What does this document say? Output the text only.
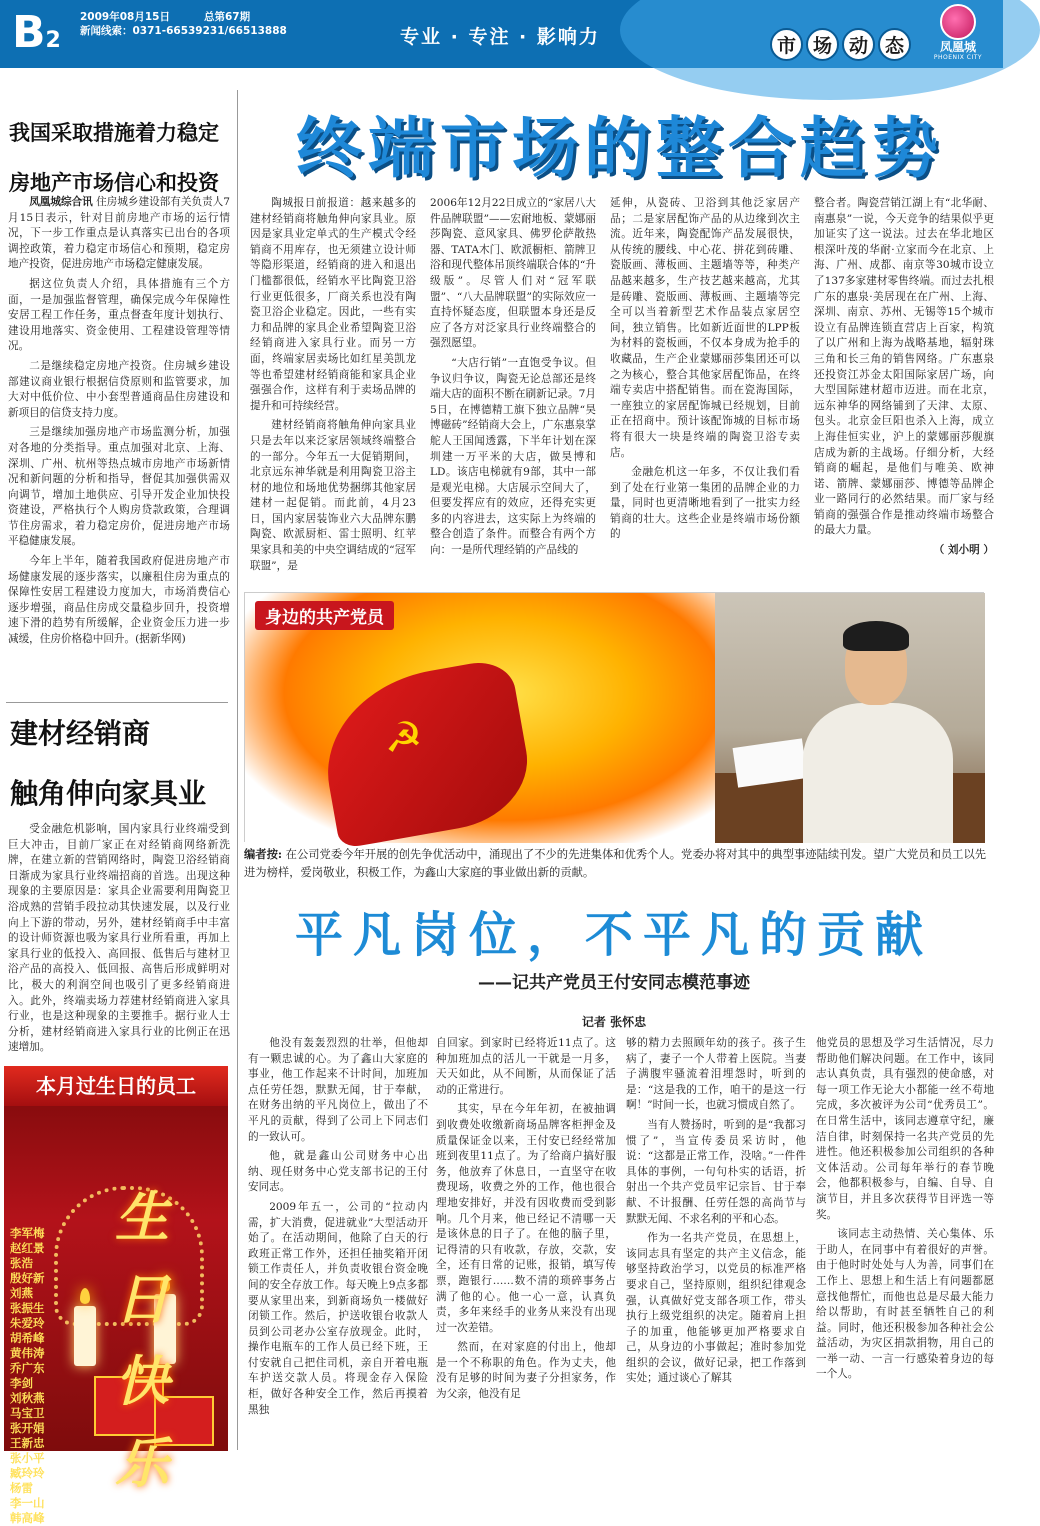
B2
2009年08月15日	总第67期
新闻线索：0371-66539231/66513888	专业 · 专注 · 影响力	市 场 动 态	凤凰城
PHOENIX CITY
我国采取措施着力稳定
房地产市场信心和投资

凤凰城综合讯 住房城乡建设部有关负责人7月15日表示，针对目前房地产市场的运行情况，下一步工作重点是认真落实已出台的各项调控政策，着力稳定市场信心和预期，稳定房地产投资，促进房地产市场稳定健康发展。

据这位负责人介绍，具体措施有三个方面，一是加强监督管理，确保完成今年保障性安居工程工作任务，重点督查年度计划执行、建设用地落实、资金使用、工程建设管理等情况。

二是继续稳定房地产投资。住房城乡建设部建议商业银行根据信贷原则和监管要求，加大对中低价位、中小套型普通商品住房建设和新项目的信贷支持力度。

三是继续加强房地产市场监测分析，加强对各地的分类指导。重点加强对北京、上海、深圳、广州、杭州等热点城市房地产市场新情况和新问题的分析和指导，督促其加强供需双向调节，增加土地供应、引导开发企业加快投资建设，严格执行个人购房贷款政策，合理调节住房需求，着力稳定房价，促进房地产市场平稳健康发展。

今年上半年，随着我国政府促进房地产市场健康发展的逐步落实，以廉租住房为重点的保障性安居工程建设力度加大，市场消费信心逐步增强，商品住房成交量稳步回升，投资增速下滑的趋势有所缓解，企业资金压力进一步减缓，住房价格稳中回升。(据新华网)

建材经销商
触角伸向家具业

受金融危机影响，国内家具行业终端受到巨大冲击，目前厂家正在对经销商网络新洗牌，在建立新的营销网络时，陶瓷卫浴经销商日渐成为家具行业终端招商的首选。出现这种现象的主要原因是：家具企业需要利用陶瓷卫浴成熟的营销手段拉动其快速发展，以及行业向上下游的带动，另外，建材经销商手中丰富的设计师资源也吸为家具行业所看重，再加上家具行业的低投入、高回报、低售后与建材卫浴产品的高投入、低回报、高售后形成鲜明对比，极大的利润空间也吸引了更多经销商进入。此外，终端卖场力荐建材经销商进入家具行业，也是这种现象的主要推手。据行业人士分析，建材经销商进入家具行业的比例正在迅速增加。

本月过生日的员工
生日快乐
李军梅
赵红景
张浩
殷好新
刘燕
张振生
朱爱玲
胡希峰
黄伟涛
乔广东
李剑
刘秋燕
马宝卫
张开娟
王新忠
张小平
臧玲玲
杨雷
李一山
韩高峰
终端市场的整合趋势

陶城报日前报道：越来越多的建材经销商将触角伸向家具业。原因是家具业定单式的生产模式令经销商不用库存，也无须建立设计师等隐形渠道，经销商的进入和退出门槛都很低，经销水平比陶瓷卫浴行业更低很多，厂商关系也没有陶瓷卫浴企业稳定。因此，一些有实力和品牌的家具企业希望陶瓷卫浴经销商进入家具行业。而另一方面，终端家居卖场比如红星美凯龙等也希望建材经销商能和家具企业强强合作，这样有利于卖场品牌的提升和可持续经营。

建材经销商将触角伸向家具业只是去年以来泛家居领域终端整合的一部分。今年五一大促销期间，北京远东神华就是利用陶瓷卫浴主材的地位和场地优势捆绑其他家居建材一起促销。而此前，4月23日，国内家居装饰业六大品牌东鹏陶瓷、欧派厨柜、雷士照明、红苹果家具和美的中央空调结成的“冠军联盟”，是

2006年12月22日成立的“家居八大件品牌联盟”——宏耐地板、蒙娜丽莎陶瓷、意风家具、佛罗伦萨散热器、TATA木门、欧派橱柜、箭牌卫浴和现代整体吊顶终端联合体的“升级版”。尽管人们对“冠军联盟”、“八大品牌联盟”的实际效应一直持怀疑态度，但联盟本身还是反应了各方对泛家具行业终端整合的强烈愿望。

“大店行销”一直饱受争议。但争议归争议，陶瓷无论总部还是终端大店的面积不断在刷新记录。7月5日，在博德精工旗下独立品牌“昊博磁砖”经销商大会上，广东惠泉掌舵人王国闻透露，下半年计划在深圳建一万平米的大店，做昊博和LD。该店电梯就有9部，其中一部是观光电梯。大店展示空间大了，但要发挥应有的效应，还得充实更多的内容进去，这实际上为终端的整合创造了条件。而整合有两个方向：一是所代理经销的产品线的

延伸，从瓷砖、卫浴到其他泛家居产品；二是家居配饰产品的从边缘到次主流。近年来，陶瓷配饰产品发展很快，从传统的腰线、中心花、拼花到砖雕、瓷版画、薄板画、主题墙等等，种类产品越来越多，生产技艺越来越高，尤其是砖雕、瓷版画、薄板画、主题墙等完全可以当着新型艺术作品装点家居空间，独立销售。比如新近面世的LPP板为材料的瓷板画，不仅本身成为抢手的收藏品，生产企业蒙娜丽莎集团还可以之为核心，整合其他家居配饰品，在终端专卖店中搭配销售。而在瓷海国际，一座独立的家居配饰城已经规划，目前正在招商中。预计该配饰城的目标市场将有很大一块是终端的陶瓷卫浴专卖店。

金融危机这一年多，不仅让我们看到了处在行业第一集团的品牌企业的力量，同时也更清晰地看到了一批实力经销商的壮大。这些企业是终端市场份额的

整合者。陶瓷营销江湖上有“北华耐、南惠泉”一说，今天竞争的结果似乎更加证实了这一说法。过去在华北地区根深叶茂的华耐·立家而今在北京、上海、广州、成都、南京等30城市设立了137多家建材零售终端。而过去扎根广东的惠泉·美居现在在广州、上海、深圳、南京、苏州、无锡等15个城市设立有品牌连锁直营店上百家，构筑了以广州和上海为战略基地，辐射珠三角和长三角的销售网络。广东惠泉还投资江苏金太阳国际家居广场，向大型国际建材超市迈进。而在北京，远东神华的网络铺到了天津、太原、包头。北京金巨阳也杀入上海，成立上海佳恒实业，沪上的蒙娜丽莎舰旗店成为新的主战场。仔细分析，大经销商的崛起，是他们与唯美、欧神诺、箭牌、蒙娜丽莎、博德等品牌企业一路同行的必然结果。而厂家与经销商的强强合作是推动终端市场整合的最大力量。

（ 刘小明 ）
☭
身边的共产党员
编者按: 在公司党委今年开展的创先争优活动中，涌现出了不少的先进集体和优秀个人。党委办将对其中的典型事迹陆续刊发。望广大党员和员工以先进为榜样，爱岗敬业，积极工作，为鑫山大家庭的事业做出新的贡献。
平凡岗位，不平凡的贡献
——记共产党员王付安同志模范事迹
记者 张怀忠

他没有轰轰烈烈的壮举，但他却有一颗忠诚的心。为了鑫山大家庭的事业，他工作起来不计时间，加班加点任劳任怨，默默无闻，甘于奉献，在财务出纳的平凡岗位上，做出了不平凡的贡献，得到了公司上下同志们的一致认可。

他，就是鑫山公司财务中心出纳、现任财务中心党支部书记的王付安同志。

2009年五一，公司的“拉动内需，扩大消费，促进就业”大型活动开始了。在活动期间，他除了白天的行政班正常工作外，还担任抽奖箱开闭锁工作责任人，并负责收银台资金晚间的安全存放工作。每天晚上9点多都要从家里出来，到新商场负一楼做好闭锁工作。然后，护送收银台收款人员到公司老办公室存放现金。此时，操作电瓶车的工作人员已经下班，王付安就自己把住司机，亲自开着电瓶车护送交款人员。将现金存入保险柜，做好各种安全工作，然后再摸着黑独

自回家。到家时已经将近11点了。这种加班加点的活儿一干就是一月多，天天如此，从不间断，从而保证了活动的正常进行。

其实，早在今年年初，在被抽调到收费处收缴新商场品牌客柜押金及质量保证金以来，王付安已经经常加班到夜里11点了。为了给商户搞好服务，他放弃了休息日，一直坚守在收费现场，收费之外的工作，他也很合理地安排好，并没有因收费而受到影响。几个月来，他已经记不清哪一天是该休息的日子了。在他的脑子里，记得清的只有收款，存放，交款，安全，还有日常的记账，报销，填写传票，跑银行……数不清的琐碎事务占满了他的心。他一心一意，认真负责，多年来经手的业务从来没有出现过一次差错。

然而，在对家庭的付出上，他却是一个不称职的角色。作为丈夫，他没有足够的时间为妻子分担家务，作为父亲，他没有足

够的精力去照顾年幼的孩子。孩子生病了，妻子一个人带着上医院。当妻子满腹牢骚流着泪埋怨时，听到的是：“这是我的工作，咱干的是这一行啊！”时间一长，也就习惯成自然了。

当有人赞扬时，听到的是“我都习惯了”，当宣传委员采访时，他说：“这都是正常工作，没啥。”一件件具体的事例，一句句朴实的话语，折射出一个共产党员牢记宗旨、甘于奉献、不计报酬、任劳任怨的高尚节与默默无闻、不求名利的平和心态。

作为一名共产党员，在思想上，该同志具有坚定的共产主义信念，能够坚持政治学习，以党员的标准严格要求自己，坚持原则，组织纪律观念强，认真做好党支部各项工作，带头执行上级党组织的决定。随着肩上担子的加重，他能够更加严格要求自己，从身边的小事做起；准时参加党组织的会议，做好记录，把工作落到实处；通过谈心了解其

他党员的思想及学习生活情况，尽力帮助他们解决问题。在工作中，该同志认真负责，具有强烈的使命感，对每一项工作无论大小都能一丝不苟地完成，多次被评为公司“优秀员工”。在日常生活中，该同志遵章守纪，廉洁自律，时刻保持一名共产党员的先进性。他还积极参加公司组织的各种文体活动。公司每年举行的春节晚会，他都积极参与，自编、自导、自演节目，并且多次获得节目评选一等奖。

该同志主动热情、关心集体、乐于助人，在同事中有着很好的声誉。由于他时时处处与人为善，同事们在工作上、思想上和生活上有问题都愿意找他帮忙，而他也总是尽最大能力给以帮助，有时甚至牺牲自己的利益。同时，他还积极参加各种社会公益活动，为灾区捐款捐物，用自己的一举一动、一言一行感染着身边的每一个人。
